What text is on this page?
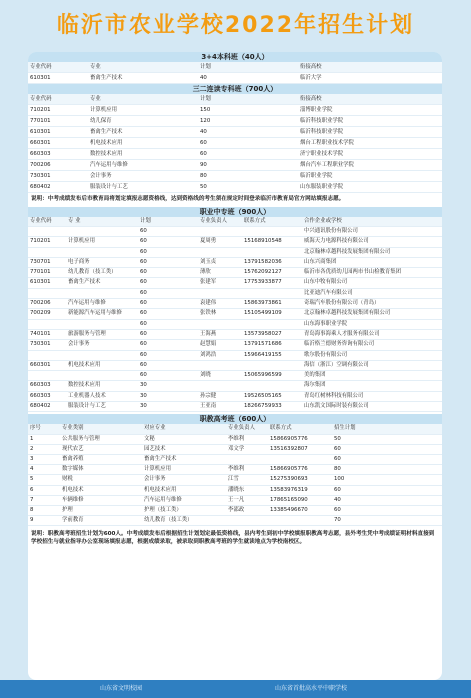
临沂市农业学校2022年招生计划
3+4本科班（40人）
专业代码	专业	计划	衔接高校
610301	畜禽生产技术	40	临沂大学
三二连读专科班（700人）
专业代码	专业	计划	衔接高校
710201	计算机应用	150	淄博职业学院
770101	幼儿保育	120	临沂科技职业学院
610301	畜禽生产技术	40	临沂科技职业学院
660301	机电技术应用	60	烟台工程职业技术学院
660303	数控技术应用	60	济宁职业技术学院
700206	汽车运用与维修	90	烟台汽车工程职业学院
730301	会计事务	80	临沂职业学院
680402	服装设计与工艺	50	山东服装职业学院
说明：中考成绩发布后市教育局将划定填报志愿资格线，达到资格线的考生须在规定时间登录临沂市教育局官方网站填报志愿。
职业中专班（900人）
专业代码	专 业	计划	专业负责人	联系方式	合作企业或学校
		60			中兴通讯股份有限公司
710201	计算机应用	60	夏周勇	15168910548	威海天力电源科技有限公司
		60			北京翰林卓越科技发展集团有限公司
730701	电子商务	60	刘玉贞	13791582036	山东兴商集团
770101	幼儿教育（技工类）	60	薄欣	15762092127	临沂市各优质幼儿园两市书山检教育集团
610301	畜禽生产技术	60	张建军	17753933877	山东中牧有限公司
		60			比亚迪汽车有限公司
700206	汽车运用与维修	60	袁建伟	15863973861	奇瑞汽车股份有限公司（青岛）
700209	新能源汽车运用与维修	60	张铁林	15105499109	北京翰林卓越科技发展集团有限公司
		60			山东海事职业学院
740101	旅游服务与管理	60	王海燕	13573958027	青岛海事海乘人才服务有限公司
730301	会计事务	60	赵慧娟	13791571686	临沂格兰德财务咨询有限公司
		60	刘鸿浩	15966419155	歌尔股份有限公司
660301	机电技术应用	60			海信（浙江）空调有限公司
		60	刘晓	15065996599	美的集团
660303	数控技术应用	30			海尔集团
660303	工业机器人技术	30	孙宗健	19526505165	青岛红树林科技有限公司
680402	服装设计与工艺	30	王亚南	18266759933	山东凯文国际时装有限公司
职教高考班（600人）
序号	专业类别	对应专业	专业负责人	联系方式	招生计划
1	公共服务与管理	文秘	李维利	15866905776	50
2	现代农艺	园艺技术	邓文学	13516392807	60
3	畜禽养殖	畜禽生产技术			60
4	数字媒体	计算机应用	李维利	15866905776	80
5	财税	会计事务	江雪	15275390693	100
6	机电技术	机电技术应用	潘晓东	13583976319	60
7	车辆维修	汽车运用与维修	王一凡	17865165090	40
8	护理	护理（技工类）	李邵政	13385496670	60
9	学前教育	幼儿教育（技工类）			70
说明：职教高考班招生计划为600人。中考成绩发布后根据招生计划划定最低资格线，县内考生到初中学校填报职教高考志愿，县外考生凭中考成绩证明材料直接到学校招生与就业指导办公室现场填报志愿，根据成绩录取，被录取到职教高考班的学生就读地点为学校南校区。
山东省文明校园	山东省首批高水平中职学校
